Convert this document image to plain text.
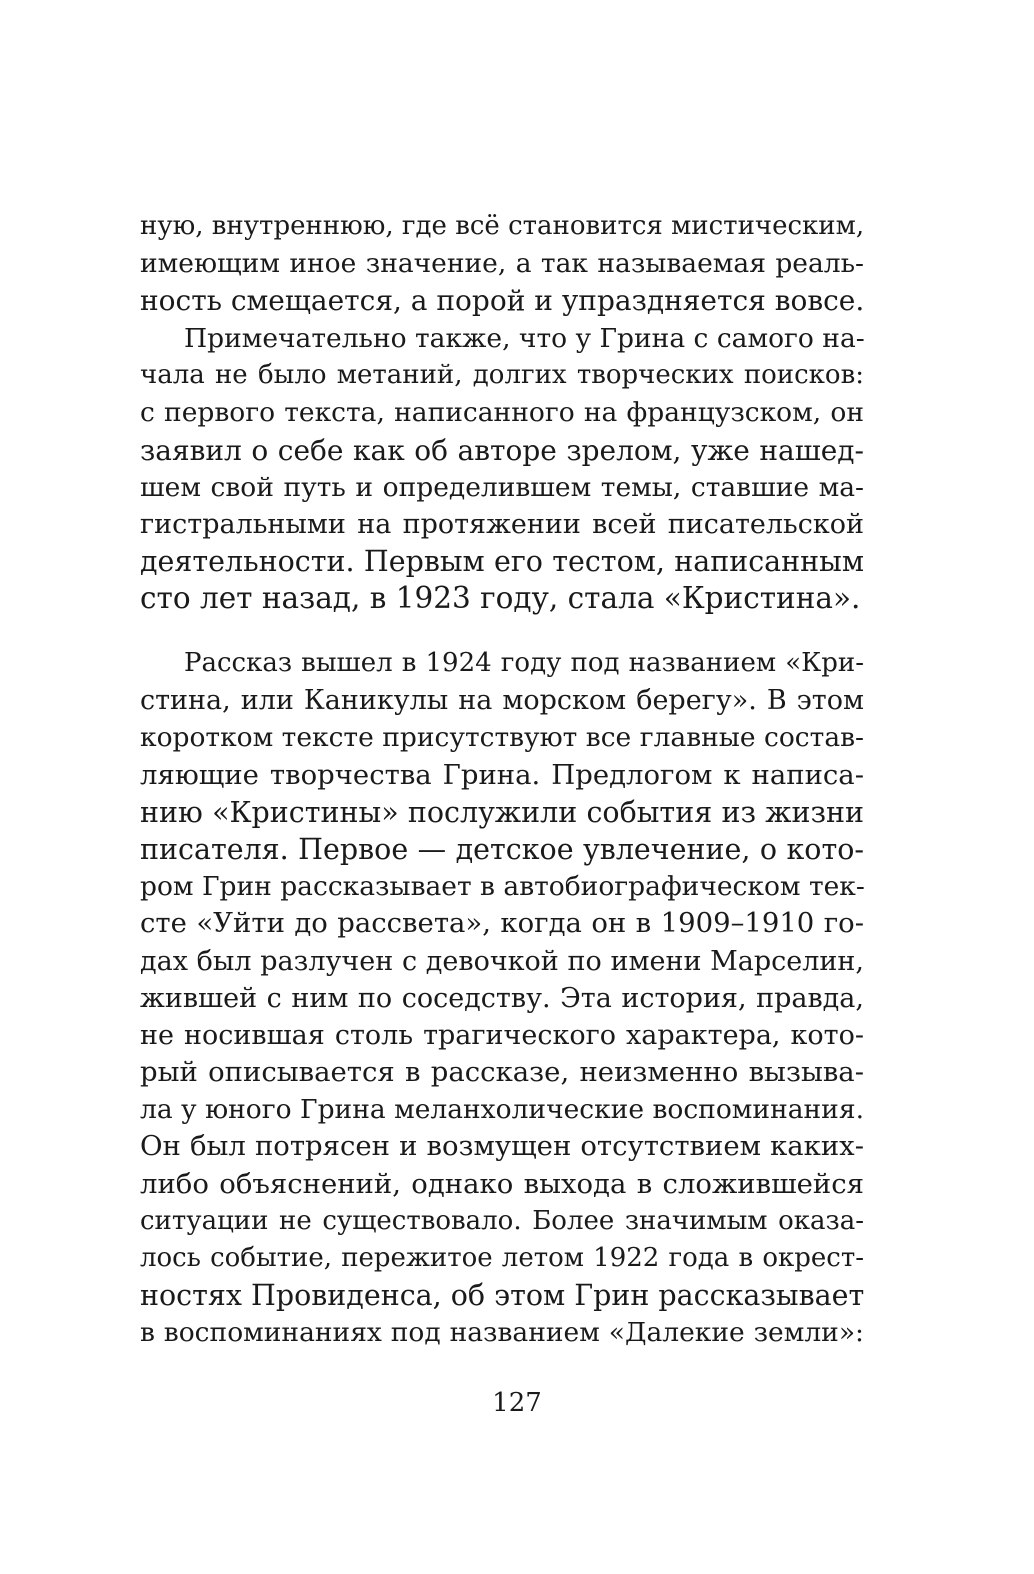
ную, внутреннюю, где всё становится мистическим,
имеющим иное значение, а так называемая реаль-
ность смещается, а порой и упраздняется вовсе.
Примечательно также, что у Грина с самого на-
чала не было метаний, долгих творческих поисков:
с первого текста, написанного на французском, он
заявил о себе как об авторе зрелом, уже нашед-
шем свой путь и определившем темы, ставшие ма-
гистральными на протяжении всей писательской
деятельности. Первым его тестом, написанным
сто лет назад, в 1923 году, стала «Кристина».
Рассказ вышел в 1924 году под названием «Кри-
стина, или Каникулы на морском берегу». В этом
коротком тексте присутствуют все главные состав-
ляющие творчества Грина. Предлогом к написа-
нию «Кристины» послужили события из жизни
писателя. Первое — детское увлечение, о кото-
ром Грин рассказывает в автобиографическом тек-
сте «Уйти до рассвета», когда он в 1909–1910 го-
дах был разлучен с девочкой по имени Марселин,
жившей с ним по соседству. Эта история, правда,
не носившая столь трагического характера, кото-
рый описывается в рассказе, неизменно вызыва-
ла у юного Грина меланхолические воспоминания.
Он был потрясен и возмущен отсутствием каких-
либо объяснений, однако выхода в сложившейся
ситуации не существовало. Более значимым оказа-
лось событие, пережитое летом 1922 года в окрест-
ностях Провиденса, об этом Грин рассказывает
в воспоминаниях под названием «Далекие земли»:
127
